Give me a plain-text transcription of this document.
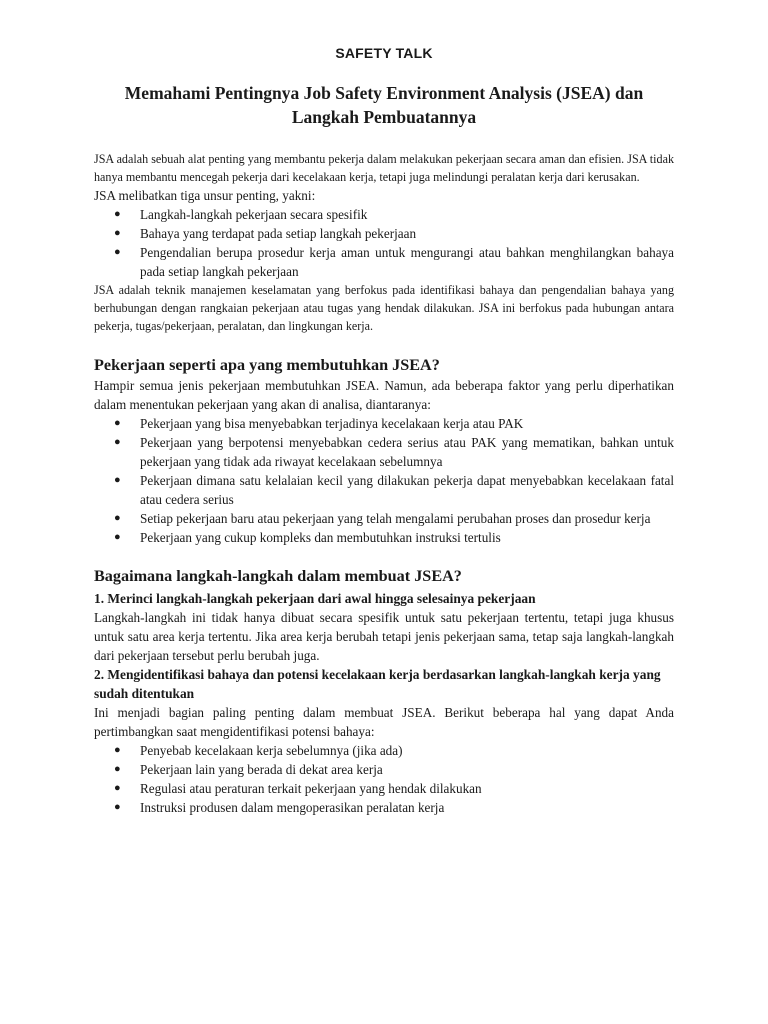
SAFETY TALK
Memahami Pentingnya Job Safety Environment Analysis (JSEA) dan Langkah Pembuatannya

JSA adalah sebuah alat penting yang membantu pekerja dalam melakukan pekerjaan secara aman dan efisien. JSA tidak hanya membantu mencegah pekerja dari kecelakaan kerja, tetapi juga melindungi peralatan kerja dari kerusakan.

JSA melibatkan tiga unsur penting, yakni:

● Langkah-langkah pekerjaan secara spesifik
● Bahaya yang terdapat pada setiap langkah pekerjaan
● Pengendalian berupa prosedur kerja aman untuk mengurangi atau bahkan menghilangkan bahaya pada setiap langkah pekerjaan

JSA adalah teknik manajemen keselamatan yang berfokus pada identifikasi bahaya dan pengendalian bahaya yang berhubungan dengan rangkaian pekerjaan atau tugas yang hendak dilakukan. JSA ini berfokus pada hubungan antara pekerja, tugas/pekerjaan, peralatan, dan lingkungan kerja.

Pekerjaan seperti apa yang membutuhkan JSEA?

Hampir semua jenis pekerjaan membutuhkan JSEA. Namun, ada beberapa faktor yang perlu diperhatikan dalam menentukan pekerjaan yang akan di analisa, diantaranya:

● Pekerjaan yang bisa menyebabkan terjadinya kecelakaan kerja atau PAK
● Pekerjaan yang berpotensi menyebabkan cedera serius atau PAK yang mematikan, bahkan untuk pekerjaan yang tidak ada riwayat kecelakaan sebelumnya
● Pekerjaan dimana satu kelalaian kecil yang dilakukan pekerja dapat menyebabkan kecelakaan fatal atau cedera serius
● Setiap pekerjaan baru atau pekerjaan yang telah mengalami perubahan proses dan prosedur kerja
● Pekerjaan yang cukup kompleks dan membutuhkan instruksi tertulis
Bagaimana langkah-langkah dalam membuat JSEA?
1. Merinci langkah-langkah pekerjaan dari awal hingga selesainya pekerjaan

Langkah-langkah ini tidak hanya dibuat secara spesifik untuk satu pekerjaan tertentu, tetapi juga khusus untuk satu area kerja tertentu. Jika area kerja berubah tetapi jenis pekerjaan sama, tetap saja langkah-langkah dari pekerjaan tersebut perlu berubah juga.

2. Mengidentifikasi bahaya dan potensi kecelakaan kerja berdasarkan langkah-langkah kerja yang sudah ditentukan

Ini menjadi bagian paling penting dalam membuat JSEA. Berikut beberapa hal yang dapat Anda pertimbangkan saat mengidentifikasi potensi bahaya:

● Penyebab kecelakaan kerja sebelumnya (jika ada)
● Pekerjaan lain yang berada di dekat area kerja
● Regulasi atau peraturan terkait pekerjaan yang hendak dilakukan
● Instruksi produsen dalam mengoperasikan peralatan kerja
